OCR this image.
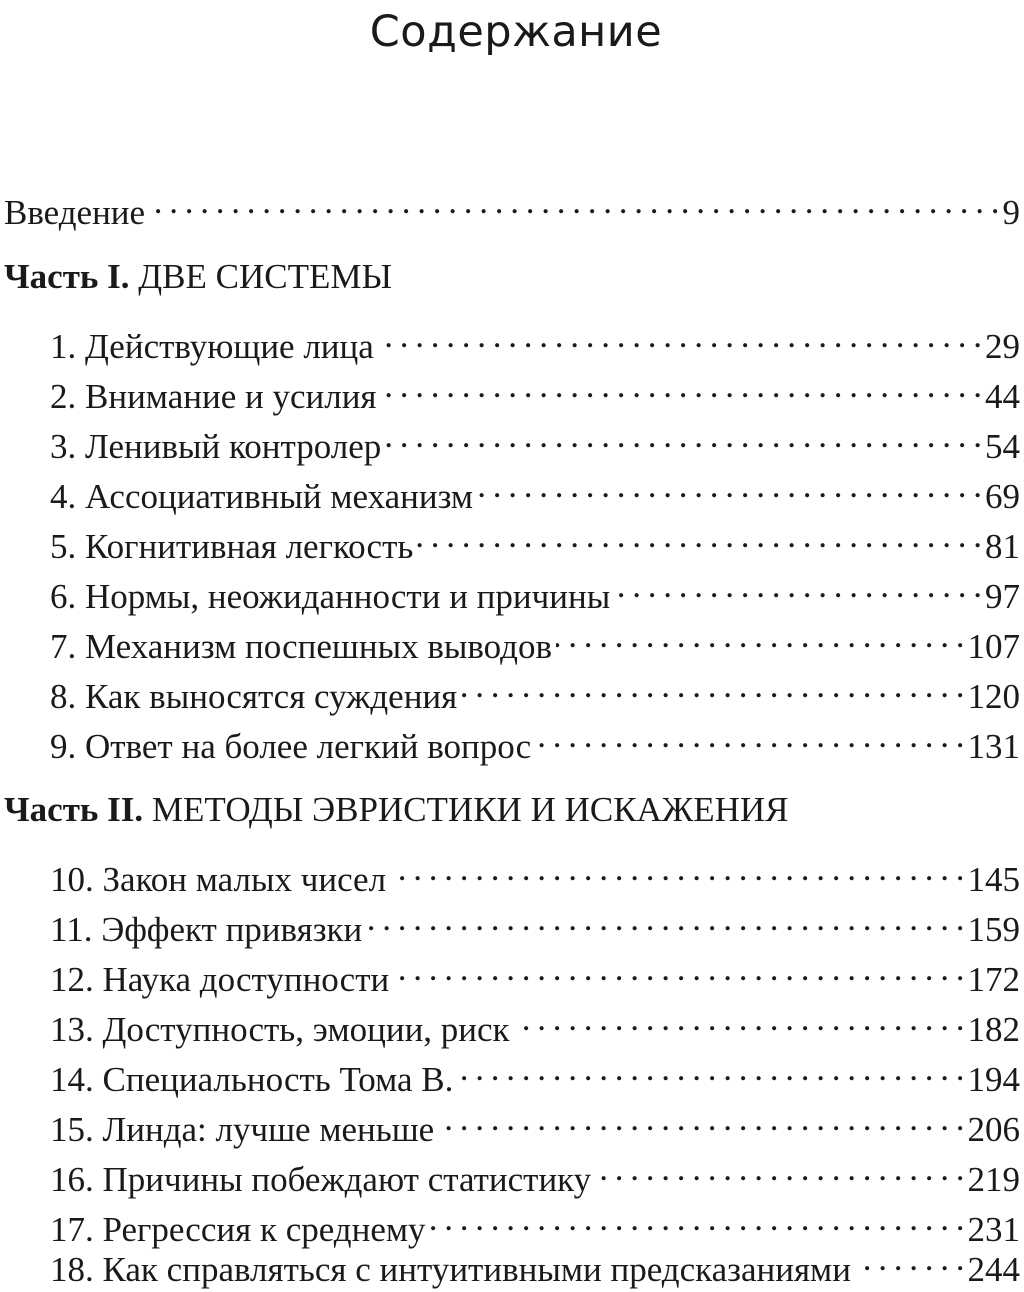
Содержание
Введение . . .	9
Часть I. ДВЕ СИСТЕМЫ
1. Действующие лица . . .	29
2. Внимание и усилия . . .	44
3. Ленивый контролер . . .	54
4. Ассоциативный механизм . . .	69
5. Когнитивная легкость . . .	81
6. Нормы, неожиданности и причины . . .	97
7. Механизм поспешных выводов . . .	107
8. Как выносятся суждения . . .	120
9. Ответ на более легкий вопрос . . .	131
Часть II. МЕТОДЫ ЭВРИСТИКИ И ИСКАЖЕНИЯ
10. Закон малых чисел . . .	145
11. Эффект привязки . . .	159
12. Наука доступности . . .	172
13. Доступность, эмоции, риск . . .	182
14. Специальность Тома В. . . .	194
15. Линда: лучше меньше . . .	206
16. Причины побеждают статистику . . .	219
17. Регрессия к среднему . . .	231
18. Как справляться с интуитивными предсказаниями . . .	244
